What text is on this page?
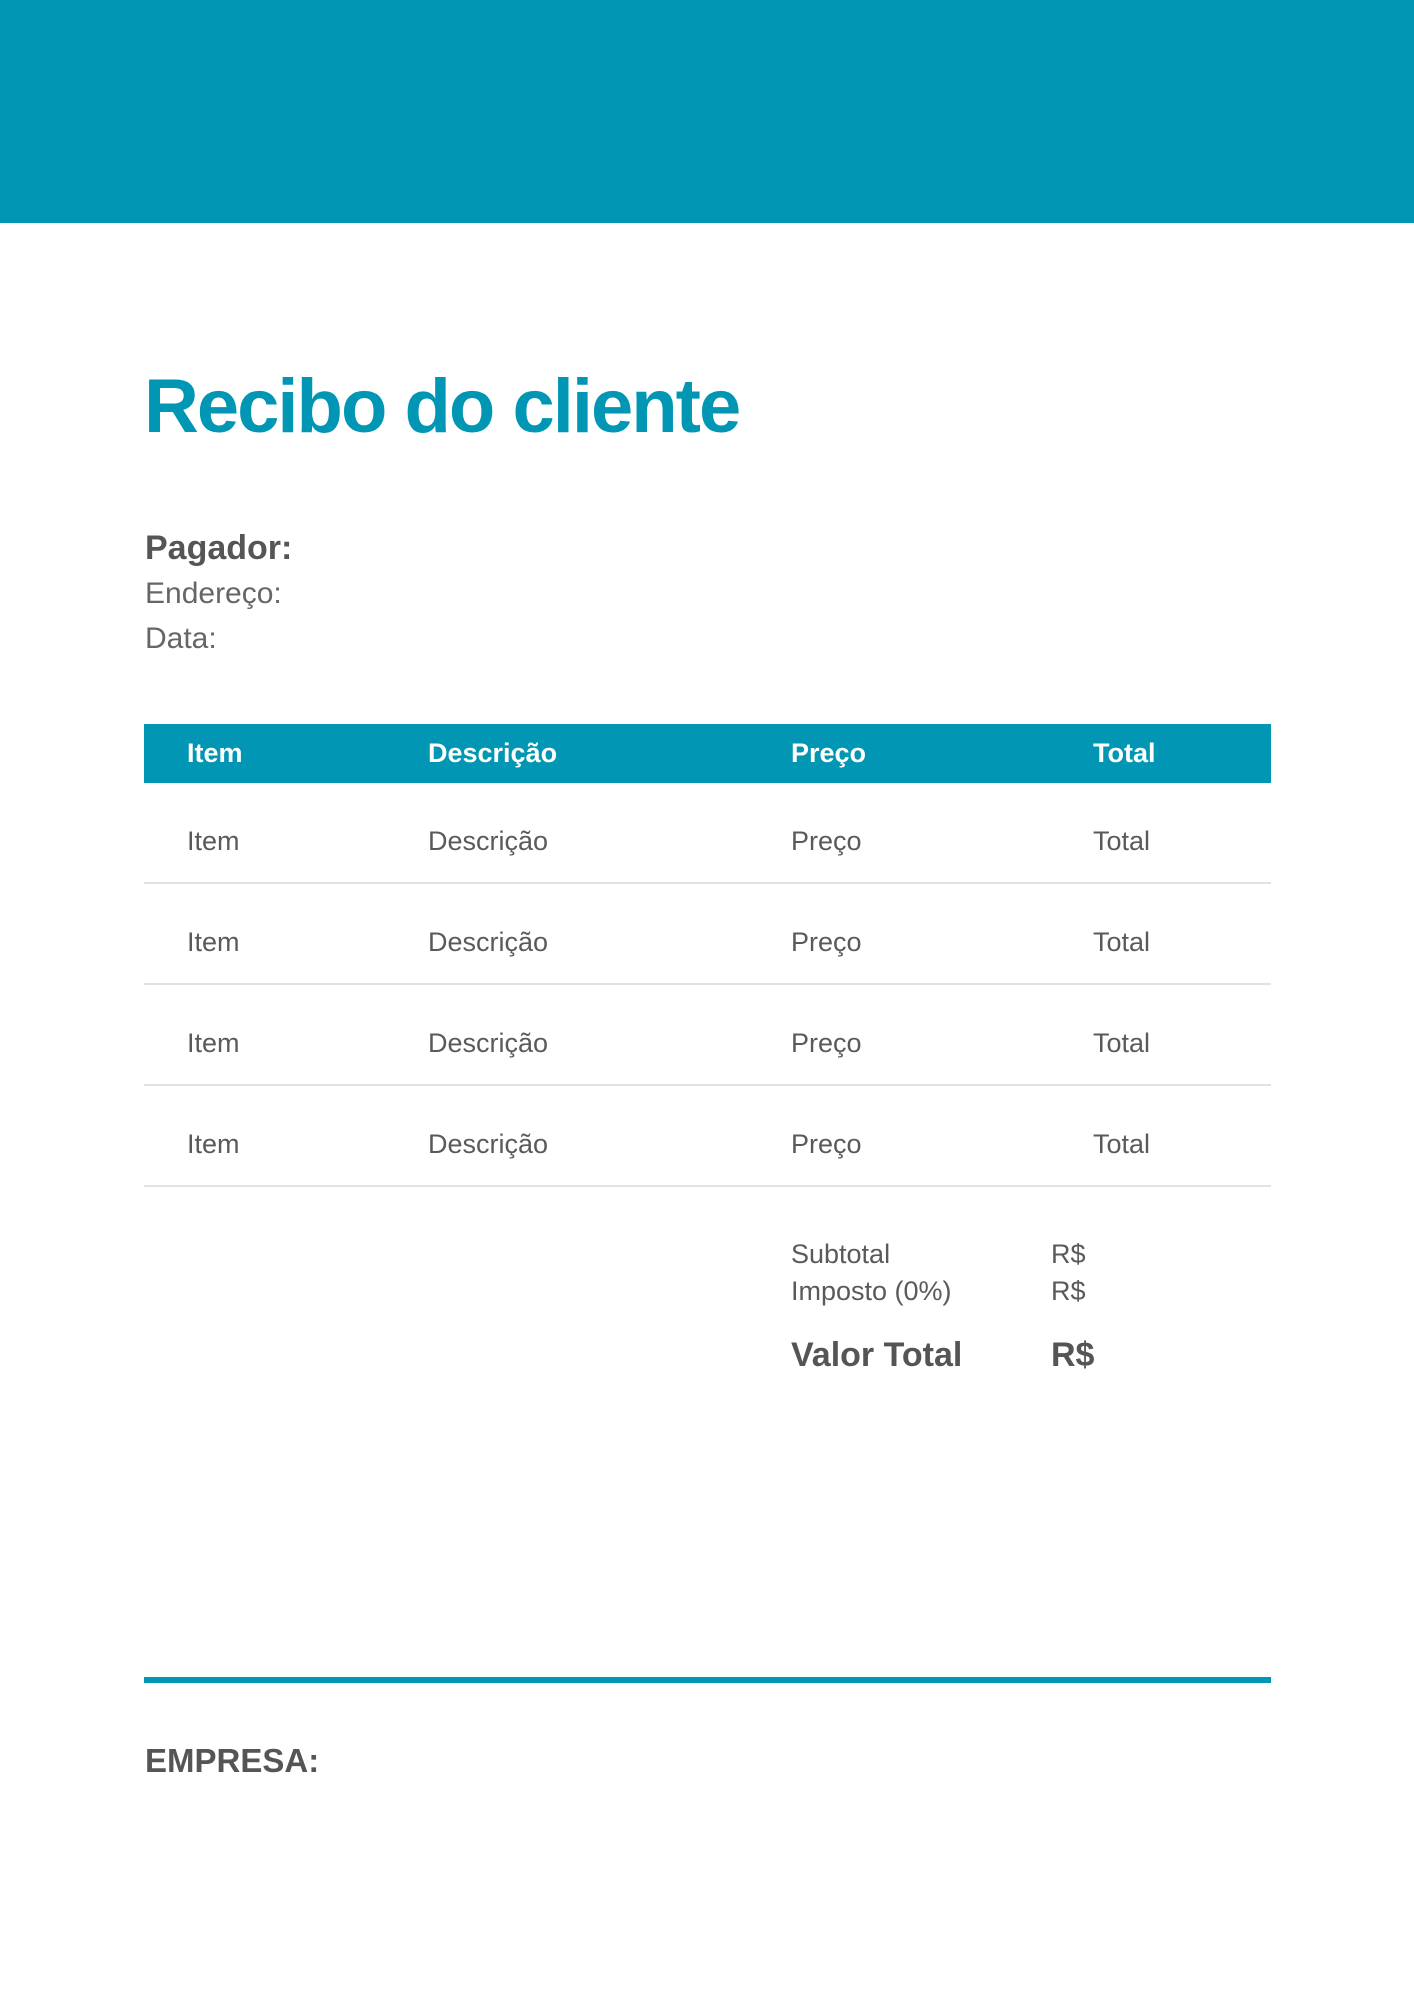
Recibo do cliente
Pagador:
Endereço:
Data:
Item	Descrição	Preço	Total
Item	Descrição	Preço	Total
Item	Descrição	Preço	Total
Item	Descrição	Preço	Total
Item	Descrição	Preço	Total
Subtotal	R$
Imposto (0%)	R$
Valor Total	R$
EMPRESA:
